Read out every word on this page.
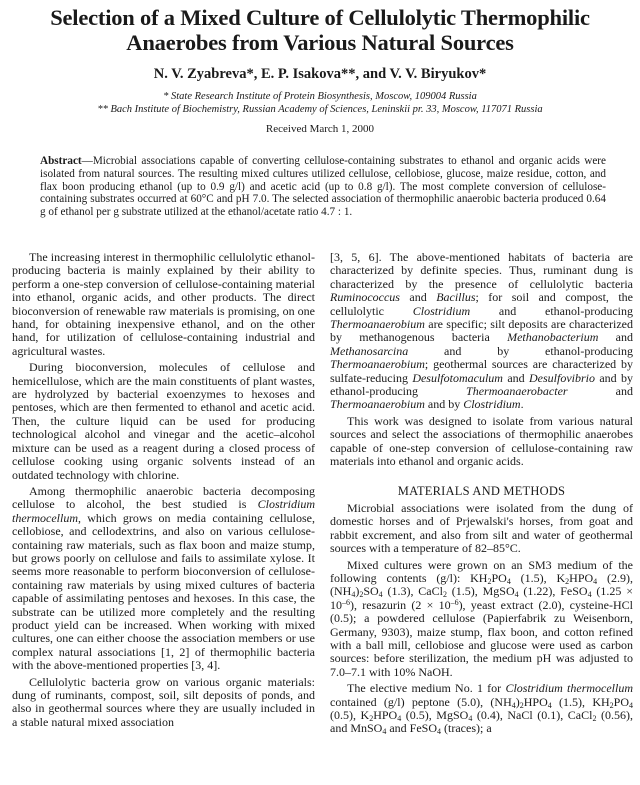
Selection of a Mixed Culture of Cellulolytic Thermophilic Anaerobes from Various Natural Sources
N. V. Zyabreva*, E. P. Isakova**, and V. V. Biryukov*
* State Research Institute of Protein Biosynthesis, Moscow, 109004 Russia
** Bach Institute of Biochemistry, Russian Academy of Sciences, Leninskii pr. 33, Moscow, 117071 Russia
Received March 1, 2000
Abstract—Microbial associations capable of converting cellulose-containing substrates to ethanol and organic acids were isolated from natural sources. The resulting mixed cultures utilized cellulose, cellobiose, glucose, maize residue, cotton, and flax boon producing ethanol (up to 0.9 g/l) and acetic acid (up to 0.8 g/l). The most complete conversion of cellulose-containing substrates occurred at 60°C and pH 7.0. The selected association of thermophilic anaerobic bacteria produced 0.64 g of ethanol per g substrate utilized at the ethanol/acetate ratio 4.7 : 1.

The increasing interest in thermophilic cellulolytic ethanol-producing bacteria is mainly explained by their ability to perform a one-step conversion of cellulose-containing material into ethanol, organic acids, and other products. The direct bioconversion of renewable raw materials is promising, on one hand, for obtaining inexpensive ethanol, and on the other hand, for utilization of cellulose-containing industrial and agricultural wastes.

During bioconversion, molecules of cellulose and hemicellulose, which are the main constituents of plant wastes, are hydrolyzed by bacterial exoenzymes to hexoses and pentoses, which are then fermented to ethanol and acetic acid. Then, the culture liquid can be used for producing technological alcohol and vinegar and the acetic–alcohol mixture can be used as a reagent during a closed process of cellulose cooking using organic solvents instead of an outdated technology with chlorine.

Among thermophilic anaerobic bacteria decomposing cellulose to alcohol, the best studied is Clostridium thermocellum, which grows on media containing cellulose, cellobiose, and cellodextrins, and also on various cellulose-containing raw materials, such as flax boon and maize stump, but grows poorly on cellulose and fails to assimilate xylose. It seems more reasonable to perform bioconversion of cellulose-containing raw materials by using mixed cultures of bacteria capable of assimilating pentoses and hexoses. In this case, the substrate can be utilized more completely and the resulting product yield can be increased. When working with mixed cultures, one can either choose the association members or use complex natural associations [1, 2] of thermophilic bacteria with the above-mentioned properties [3, 4].

Cellulolytic bacteria grow on various organic materials: dung of ruminants, compost, soil, silt deposits of ponds, and also in geothermal sources where they are usually included in a stable natural mixed association

[3, 5, 6]. The above-mentioned habitats of bacteria are characterized by definite species. Thus, ruminant dung is characterized by the presence of cellulolytic bacteria Ruminococcus and Bacillus; for soil and compost, the cellulolytic Clostridium and ethanol-producing Thermoanaerobium are specific; silt deposits are characterized by methanogenous bacteria Methanobacterium and Methanosarcina and by ethanol-producing Thermoanaerobium; geothermal sources are characterized by sulfate-reducing Desulfotomaculum and Desulfovibrio and by ethanol-producing Thermoanaerobacter and Thermoanaerobium and by Clostridium.

This work was designed to isolate from various natural sources and select the associations of thermophilic anaerobes capable of one-step conversion of cellulose-containing raw materials into ethanol and organic acids.

MATERIALS AND METHODS

Microbial associations were isolated from the dung of domestic horses and of Prjewalski's horses, from goat and rabbit excrement, and also from silt and water of geothermal sources with a temperature of 82–85°C.

Mixed cultures were grown on an SM3 medium of the following contents (g/l): $KH_2PO_4$ (1.5), $K_2HPO_4$ (2.9), $(NH_4)_2SO_4$ (1.3), CaCl$_2$ (1.5), MgSO$_4$ (1.22), FeSO$_4$ $(1.25 \times 10^{-6})$, resazurin $(2 \times 10^{-6})$, yeast extract (2.0), cysteine-HCl (0.5); a powdered cellulose (Papierfabrik zu Weisenborn, Germany, 9303), maize stump, flax boon, and cotton refined with a ball mill, cellobiose and glucose were used as carbon sources: before sterilization, the medium pH was adjusted to 7.0–7.1 with 10% NaOH.

The elective medium No. 1 for Clostridium thermocellum contained (g/l) peptone (5.0), $(NH_4)_2HPO_4$ (1.5), $KH_2PO_4$ (0.5), $K_2HPO_4$ (0.5), MgSO$_4$ (0.4), NaCl (0.1), CaCl$_2$ (0.56), and MnSO$_4$ and FeSO$_4$ (traces); a
